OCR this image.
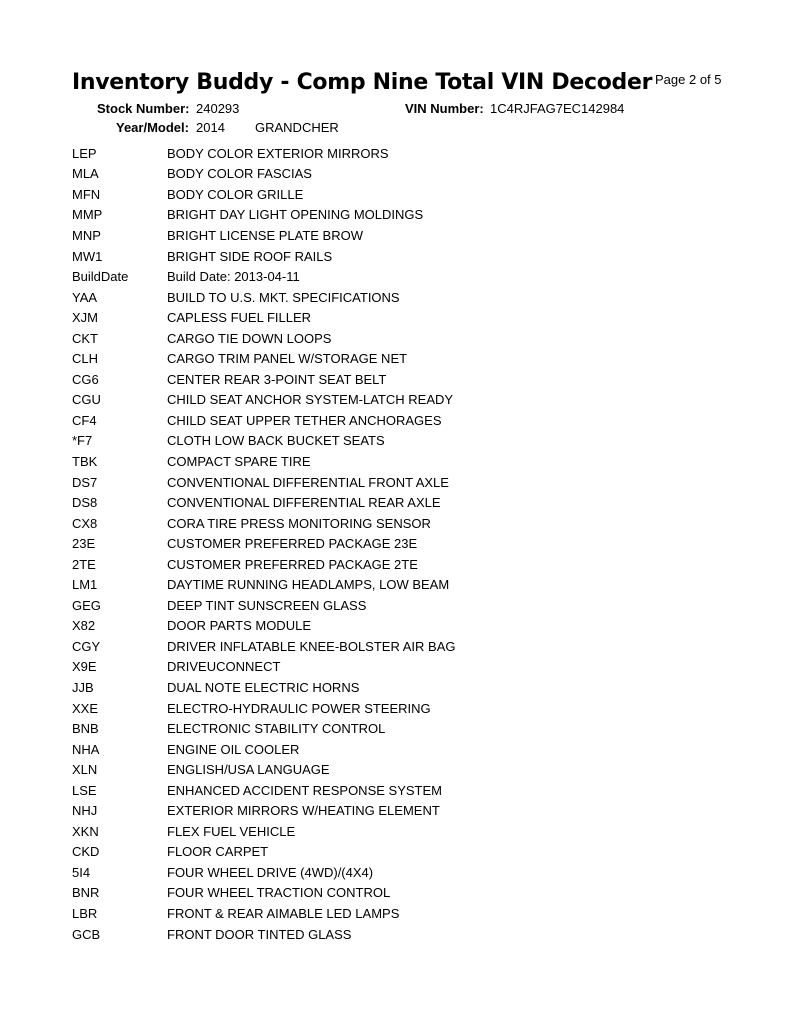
Inventory Buddy - Comp Nine Total VIN Decoder Page 2 of 5
Stock Number: 240293	VIN Number: 1C4RJFAG7EC142984
Year/Model: 2014 GRANDCHER
LEP	BODY COLOR EXTERIOR MIRRORS
MLA	BODY COLOR FASCIAS
MFN	BODY COLOR GRILLE
MMP	BRIGHT DAY LIGHT OPENING MOLDINGS
MNP	BRIGHT LICENSE PLATE BROW
MW1	BRIGHT SIDE ROOF RAILS
BuildDate	Build Date: 2013-04-11
YAA	BUILD TO U.S. MKT. SPECIFICATIONS
XJM	CAPLESS FUEL FILLER
CKT	CARGO TIE DOWN LOOPS
CLH	CARGO TRIM PANEL W/STORAGE NET
CG6	CENTER REAR 3-POINT SEAT BELT
CGU	CHILD SEAT ANCHOR SYSTEM-LATCH READY
CF4	CHILD SEAT UPPER TETHER ANCHORAGES
*F7	CLOTH LOW BACK BUCKET SEATS
TBK	COMPACT SPARE TIRE
DS7	CONVENTIONAL DIFFERENTIAL FRONT AXLE
DS8	CONVENTIONAL DIFFERENTIAL REAR AXLE
CX8	CORA TIRE PRESS MONITORING SENSOR
23E	CUSTOMER PREFERRED PACKAGE 23E
2TE	CUSTOMER PREFERRED PACKAGE 2TE
LM1	DAYTIME RUNNING HEADLAMPS, LOW BEAM
GEG	DEEP TINT SUNSCREEN GLASS
X82	DOOR PARTS MODULE
CGY	DRIVER INFLATABLE KNEE-BOLSTER AIR BAG
X9E	DRIVEUCONNECT
JJB	DUAL NOTE ELECTRIC HORNS
XXE	ELECTRO-HYDRAULIC POWER STEERING
BNB	ELECTRONIC STABILITY CONTROL
NHA	ENGINE OIL COOLER
XLN	ENGLISH/USA LANGUAGE
LSE	ENHANCED ACCIDENT RESPONSE SYSTEM
NHJ	EXTERIOR MIRRORS W/HEATING ELEMENT
XKN	FLEX FUEL VEHICLE
CKD	FLOOR CARPET
5I4	FOUR WHEEL DRIVE (4WD)/(4X4)
BNR	FOUR WHEEL TRACTION CONTROL
LBR	FRONT & REAR AIMABLE LED LAMPS
GCB	FRONT DOOR TINTED GLASS
